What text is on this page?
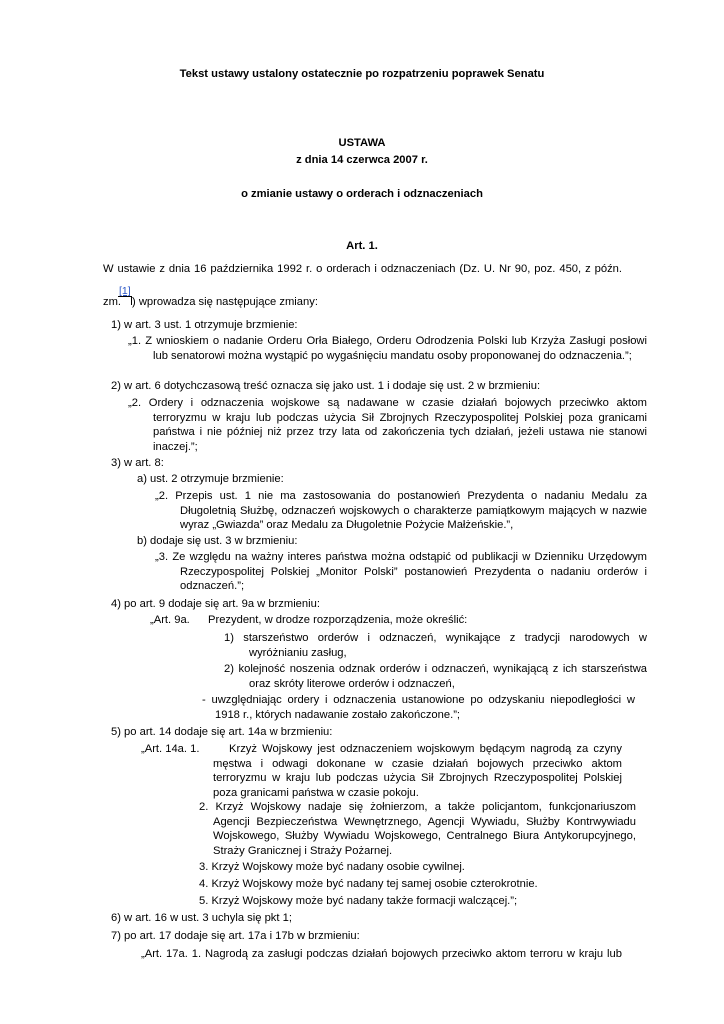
Tekst ustawy ustalony ostatecznie po rozpatrzeniu poprawek Senatu
USTAWA
z dnia 14 czerwca 2007 r.
o zmianie ustawy o orderach i odznaczeniach
Art. 1.
W ustawie z dnia 16 października 1992 r. o orderach i odznaczeniach (Dz. U. Nr 90, poz. 450, z późn.
[1]
zm. ) wprowadza się następujące zmiany:
1) w art. 3 ust. 1 otrzymuje brzmienie:
„1. Z wnioskiem o nadanie Orderu Orła Białego, Orderu Odrodzenia Polski lub Krzyża Zasługi posłowi lub senatorowi można wystąpić po wygaśnięciu mandatu osoby proponowanej do odznaczenia.”;
2) w art. 6 dotychczasową treść oznacza się jako ust. 1 i dodaje się ust. 2 w brzmieniu:
„2. Ordery i odznaczenia wojskowe są nadawane w czasie działań bojowych przeciwko aktom terroryzmu w kraju lub podczas użycia Sił Zbrojnych Rzeczypospolitej Polskiej poza granicami państwa i nie później niż przez trzy lata od zakończenia tych działań, jeżeli ustawa nie stanowi inaczej.”;
3) w art. 8:
a) ust. 2 otrzymuje brzmienie:
„2. Przepis ust. 1 nie ma zastosowania do postanowień Prezydenta o nadaniu Medalu za Długoletnią Służbę, odznaczeń wojskowych o charakterze pamiątkowym mających w nazwie wyraz „Gwiazda” oraz Medalu za Długoletnie Pożycie Małżeńskie.”,
b) dodaje się ust. 3 w brzmieniu:
„3. Ze względu na ważny interes państwa można odstąpić od publikacji w Dzienniku Urzędowym Rzeczypospolitej Polskiej „Monitor Polski” postanowień Prezydenta o nadaniu orderów i odznaczeń.”;
4) po art. 9 dodaje się art. 9a w brzmieniu:
„Art. 9a. Prezydent, w drodze rozporządzenia, może określić:
1) starszeństwo orderów i odznaczeń, wynikające z tradycji narodowych w wyróżnianiu zasług,
2) kolejność noszenia odznak orderów i odznaczeń, wynikającą z ich starszeństwa oraz skróty literowe orderów i odznaczeń,
- uwzględniając ordery i odznaczenia ustanowione po odzyskaniu niepodległości w 1918 r., których nadawanie zostało zakończone.”;
5) po art. 14 dodaje się art. 14a w brzmieniu:
„Art. 14a. 1.	Krzyż Wojskowy jest odznaczeniem wojskowym będącym nagrodą za czyny męstwa i odwagi dokonane w czasie działań bojowych przeciwko aktom terroryzmu w kraju lub podczas użycia Sił Zbrojnych Rzeczypospolitej Polskiej poza granicami państwa w czasie pokoju.
2. Krzyż Wojskowy nadaje się żołnierzom, a także policjantom, funkcjonariuszom Agencji Bezpieczeństwa Wewnętrznego, Agencji Wywiadu, Służby Kontrwywiadu Wojskowego, Służby Wywiadu Wojskowego, Centralnego Biura Antykorupcyjnego, Straży Granicznej i Straży Pożarnej.
3. Krzyż Wojskowy może być nadany osobie cywilnej.
4. Krzyż Wojskowy może być nadany tej samej osobie czterokrotnie.
5. Krzyż Wojskowy może być nadany także formacji walczącej.”;
6) w art. 16 w ust. 3 uchyla się pkt 1;
7) po art. 17 dodaje się art. 17a i 17b w brzmieniu:
„Art. 17a. 1. Nagrodą za zasługi podczas działań bojowych przeciwko aktom terroru w kraju lub
